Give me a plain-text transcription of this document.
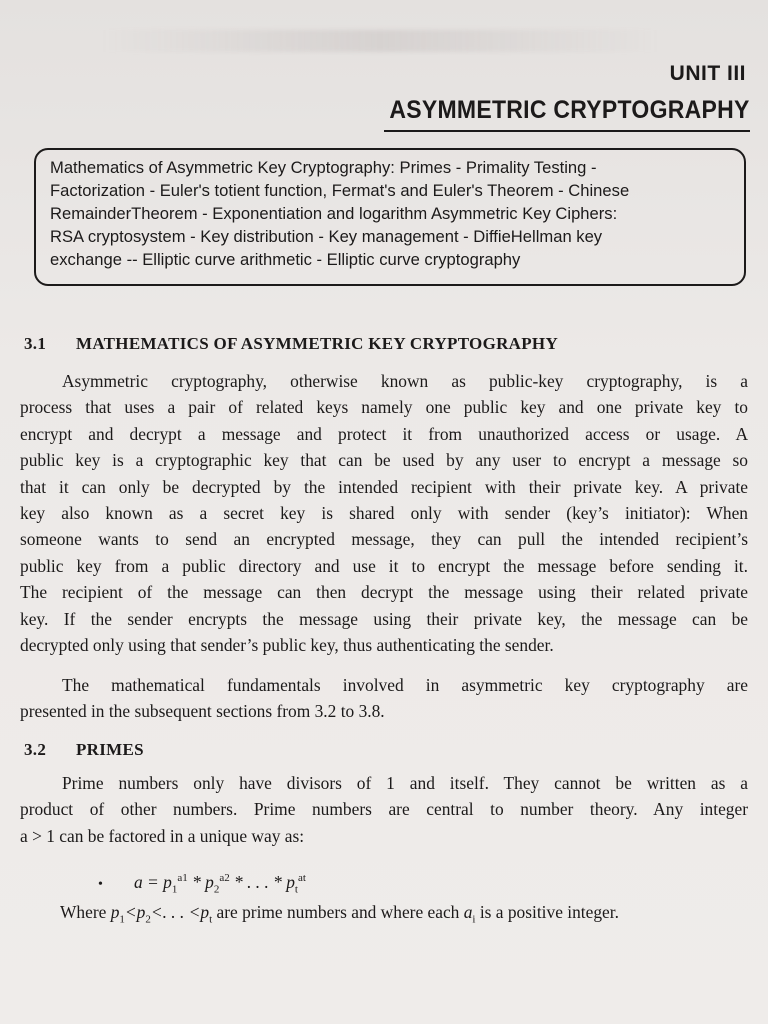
UNIT III
ASYMMETRIC CRYPTOGRAPHY
Mathematics of Asymmetric Key Cryptography: Primes - Primality Testing -
Factorization - Euler's totient function, Fermat's and Euler's Theorem - Chinese
RemainderTheorem - Exponentiation and logarithm Asymmetric Key Ciphers:
RSA cryptosystem - Key distribution - Key management - DiffieHellman key
exchange -- Elliptic curve arithmetic - Elliptic curve cryptography
3.1 MATHEMATICS OF ASYMMETRIC KEY CRYPTOGRAPHY
Asymmetric cryptography, otherwise known as public-key cryptography, is a
process that uses a pair of related keys namely one public key and one private key to
encrypt and decrypt a message and protect it from unauthorized access or usage. A
public key is a cryptographic key that can be used by any user to encrypt a message so
that it can only be decrypted by the intended recipient with their private key. A private
key also known as a secret key is shared only with sender (key’s initiator): When
someone wants to send an encrypted message, they can pull the intended recipient’s
public key from a public directory and use it to encrypt the message before sending it.
The recipient of the message can then decrypt the message using their related private
key. If the sender encrypts the message using their private key, the message can be
decrypted only using that sender’s public key, thus authenticating the sender.
The mathematical fundamentals involved in asymmetric key cryptography are
presented in the subsequent sections from 3.2 to 3.8.
3.2 PRIMES
Prime numbers only have divisors of 1 and itself. They cannot be written as a
product of other numbers. Prime numbers are central to number theory. Any integer
a > 1 can be factored in a unique way as:
• $a = p_1^{a1} * p_2^{a2}$ * . . . * $p_t^{at}$
Where $p_1<p_2<$. . . $<p_t$ are prime numbers and where each $a_i$ is a positive integer.
